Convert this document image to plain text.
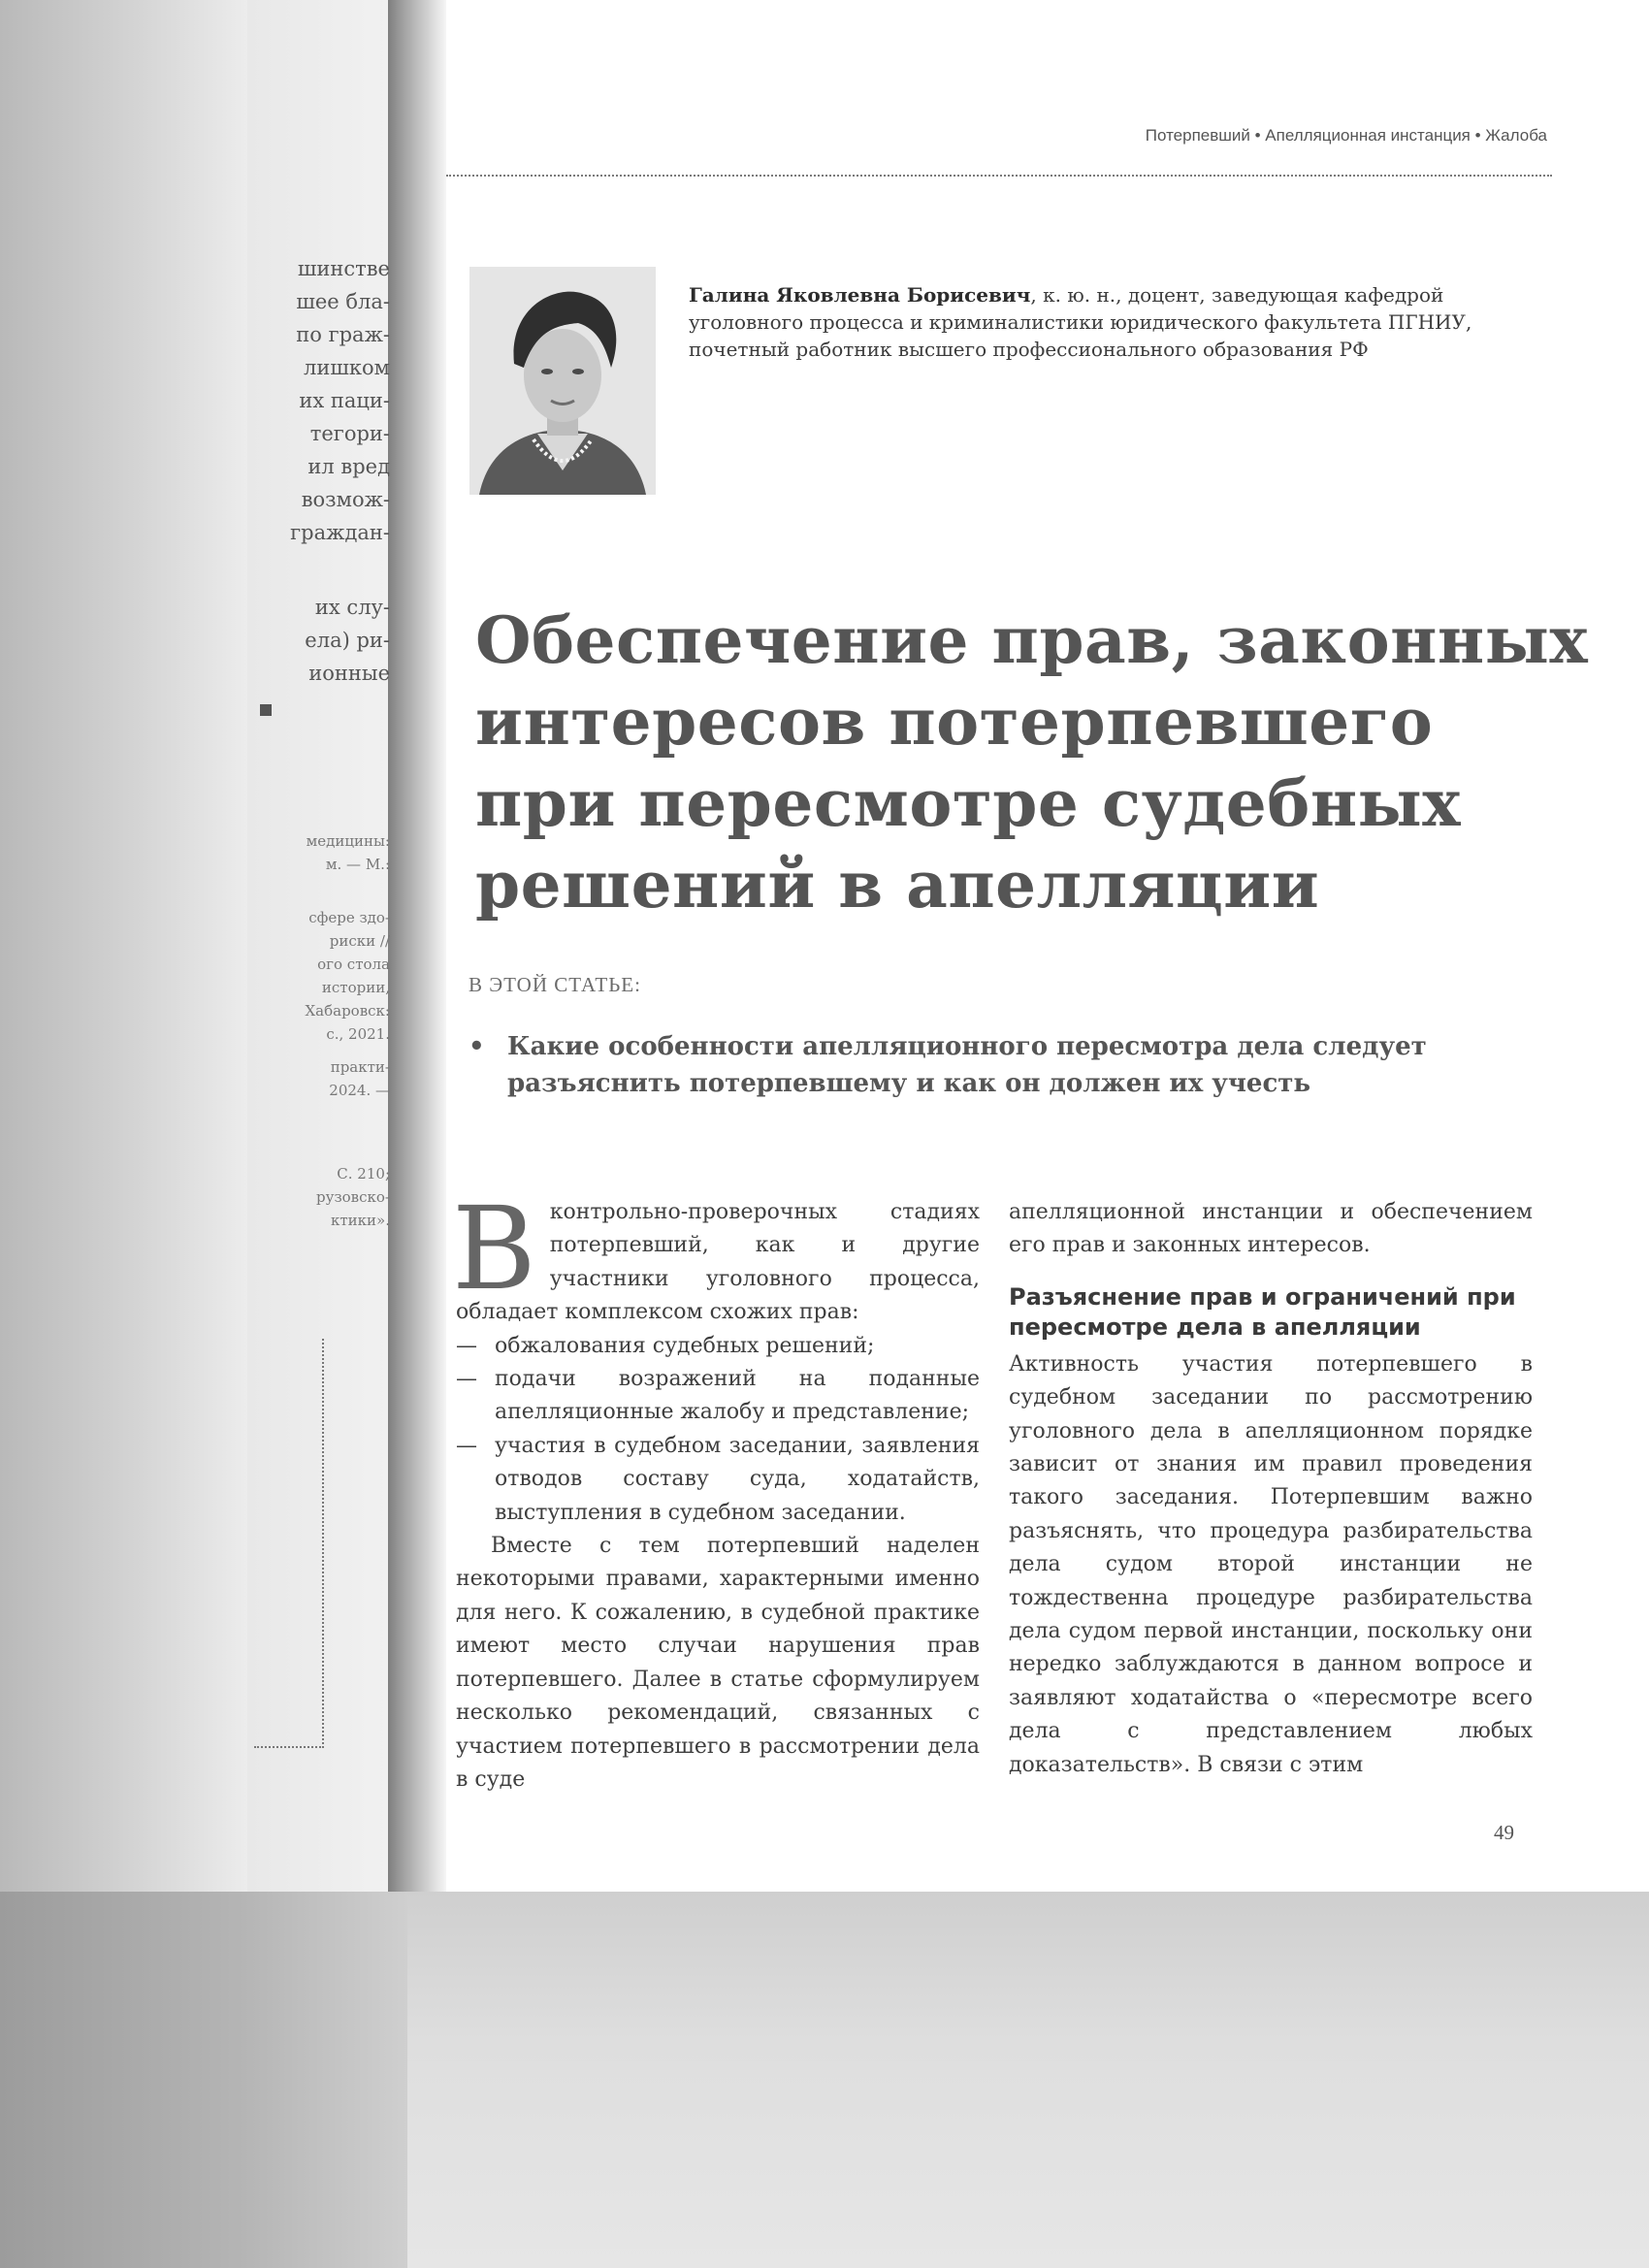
шинстве
шее бла-
по граж-
лишком
их паци-
тегори-
ил вред
возмож-
граждан-
их слу-
ела) ри-
ионные
медицины:
м. — М.:
сфере здо-
риски //
ого стола
истории,
Хабаровск:
с., 2021.
практи-
2024. —
С. 210;
рузовско-
ктики».
Потерпевший • Апелляционная инстанция • Жалоба
Галина Яковлевна Борисевич, к. ю. н., доцент, заведующая кафедрой уголовного процесса и криминалистики юридического факультета ПГНИУ, почетный работник высшего профессионального образования РФ
Обеспечение прав, законных
интересов потерпевшего
при пересмотре судебных
решений в апелляции
В ЭТОЙ СТАТЬЕ:
• Какие особенности апелляционного пересмотра дела следует разъяснить потерпевшему и как он должен их учесть

Вконтрольно-проверочных стадиях потерпевший, как и другие участники уголовного процесса, обладает комплексом схожих прав:

— обжалования судебных решений;
— подачи возражений на поданные апелляционные жалобу и представление;
— участия в судебном заседании, заявления отводов составу суда, ходатайств, выступления в судебном заседании.

Вместе с тем потерпевший наделен некоторыми правами, характерными именно для него. К сожалению, в судебной практике имеют место случаи нарушения прав потерпевшего. Далее в статье сформулируем несколько рекомендаций, связанных с участием потерпевшего в рассмотрении дела в суде

апелляционной инстанции и обеспечением его прав и законных интересов.

Разъяснение прав и ограничений при пересмотре дела в апелляции

Активность участия потерпевшего в судебном заседании по рассмотрению уголовного дела в апелляционном порядке зависит от знания им правил проведения такого заседания. Потерпевшим важно разъяснять, что процедура разбирательства дела судом второй инстанции не тождественна процедуре разбирательства дела судом первой инстанции, поскольку они нередко заблуждаются в данном вопросе и заявляют ходатайства о «пересмотре всего дела с представлением любых доказательств». В связи с этим

49
